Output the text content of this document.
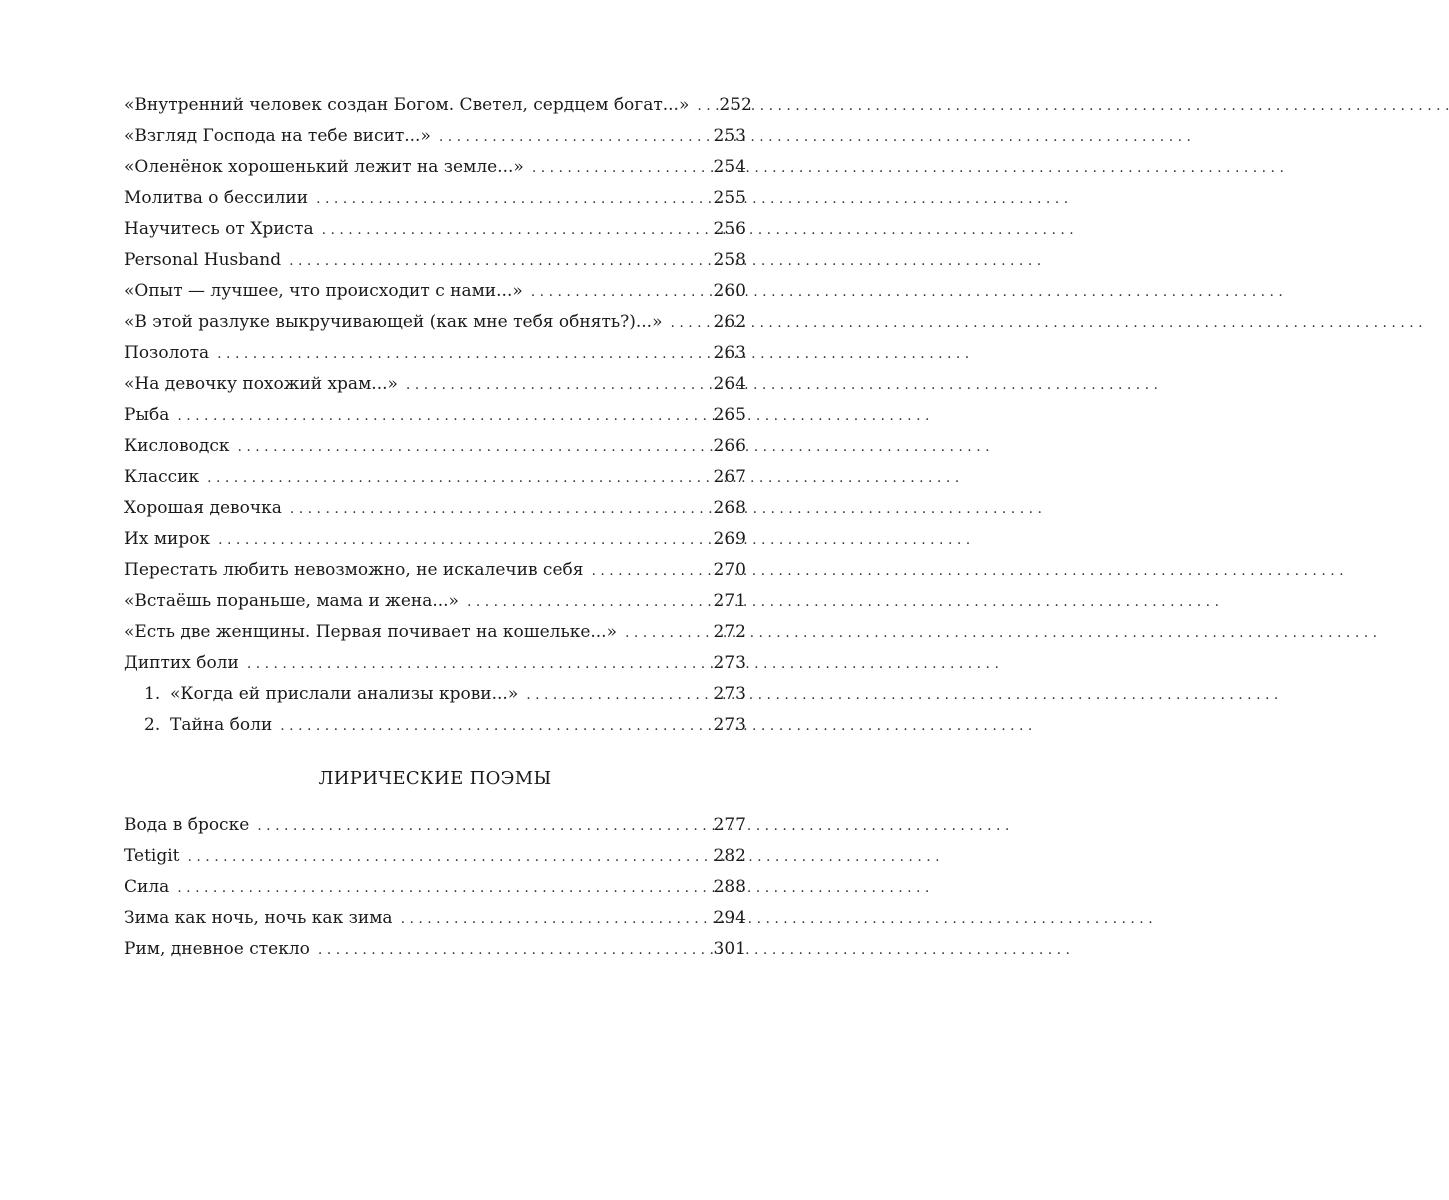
«Внутренний человек создан Богом. Светел, сердцем богат...» . . . 252
«Взгляд Господа на тебе висит...» . . .	253
«Оленёнок хорошенький лежит на земле...» . . .	254
Молитва о бессилии . . .	255
Научитесь от Христа . . .	256
Personal Husband . . .	258
«Опыт — лучшее, что происходит с нами...» . . .	260
«В этой разлуке выкручивающей (как мне тебя обнять?)...» . . .	262
Позолота . . .	263
«На девочку похожий храм...» . . .	264
Рыба . . .	265
Кисловодск . . .	266
Классик . . .	267
Хорошая девочка . . .	268
Их мирок . . .	269
Перестать любить невозможно, не искалечив себя . . .	270
«Встаёшь пораньше, мама и жена...» . . .	271
«Есть две женщины. Первая почивает на кошельке...» . . .	272
Диптих боли . . .	273
1. «Когда ей прислали анализы крови...» . . .	273
2. Тайна боли . . .	273
ЛИРИЧЕСКИЕ ПОЭМЫ
Вода в броске . . .	277
Tetigit . . .	282
Сила . . .	288
Зима как ночь, ночь как зима . . .	294
Рим, дневное стекло . . .	301
